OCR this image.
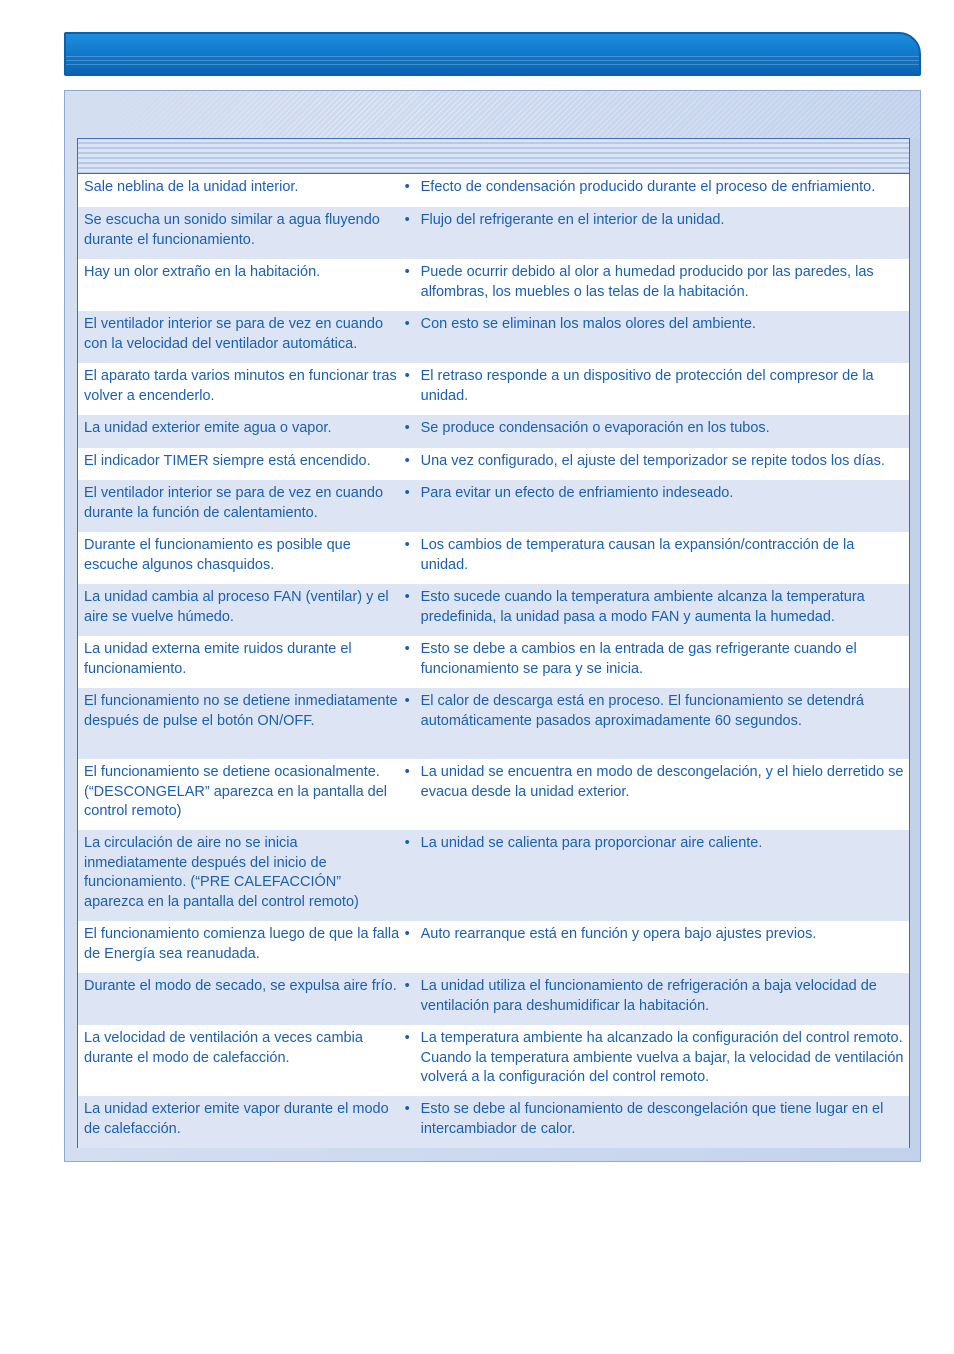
Sale neblina de la unidad interior.	• Efecto de condensación producido durante el proceso de enfriamiento.
Se escucha un sonido similar a agua fluyendo durante el funcionamiento.
• Flujo del refrigerante en el interior de la unidad.
Hay un olor extraño en la habitación.	• Puede ocurrir debido al olor a humedad producido por las paredes, las alfombras, los muebles o las telas de la habitación.
El ventilador interior se para de vez en cuando con la velocidad del ventilador automática.
• Con esto se eliminan los malos olores del ambiente.
El aparato tarda varios minutos en funcionar tras volver a encenderlo.
• El retraso responde a un dispositivo de protección del compresor de la unidad.
La unidad exterior emite agua o vapor.	• Se produce condensación o evaporación en los tubos.
El indicador TIMER siempre está encendido.	• Una vez configurado, el ajuste del temporizador se repite todos los días.
El ventilador interior se para de vez en cuando durante la función de calentamiento.
• Para evitar un efecto de enfriamiento indeseado.
Durante el funcionamiento es posible que escuche algunos chasquidos.
• Los cambios de temperatura causan la expansión/contracción de la unidad.
La unidad cambia al proceso FAN (ventilar) y el aire se vuelve húmedo.
• Esto sucede cuando la temperatura ambiente alcanza la temperatura predefinida, la unidad pasa a modo FAN y aumenta la humedad.
La unidad externa emite ruidos durante el funcionamiento.
• Esto se debe a cambios en la entrada de gas refrigerante cuando el funcionamiento se para y se inicia.
El funcionamiento no se detiene inmediatamente después de pulse el botón ON/OFF.
• El calor de descarga está en proceso. El funcionamiento se detendrá automáticamente pasados aproximadamente 60 segundos.
El funcionamiento se detiene ocasionalmente. (“DESCONGELAR” aparezca en la pantalla del control remoto)
• La unidad se encuentra en modo de descongelación, y el hielo derretido se evacua desde la unidad exterior.
La circulación de aire no se inicia inmediatamente después del inicio de funcionamiento. (“PRE CALEFACCIÓN” aparezca en la pantalla del control remoto)
• La unidad se calienta para proporcionar aire caliente.
El funcionamiento comienza luego de que la falla de Energía sea reanudada.
• Auto rearranque está en función y opera bajo ajustes previos.
Durante el modo de secado, se expulsa aire frío. • La unidad utiliza el funcionamiento de refrigeración a baja velocidad de ventilación para deshumidificar la habitación.
La velocidad de ventilación a veces cambia durante el modo de calefacción.
• La temperatura ambiente ha alcanzado la configuración del control remoto. Cuando la temperatura ambiente vuelva a bajar, la velocidad de ventilación volverá a la configuración del control remoto.
La unidad exterior emite vapor durante el modo de calefacción.
• Esto se debe al funcionamiento de descongelación que tiene lugar en el intercambiador de calor.
